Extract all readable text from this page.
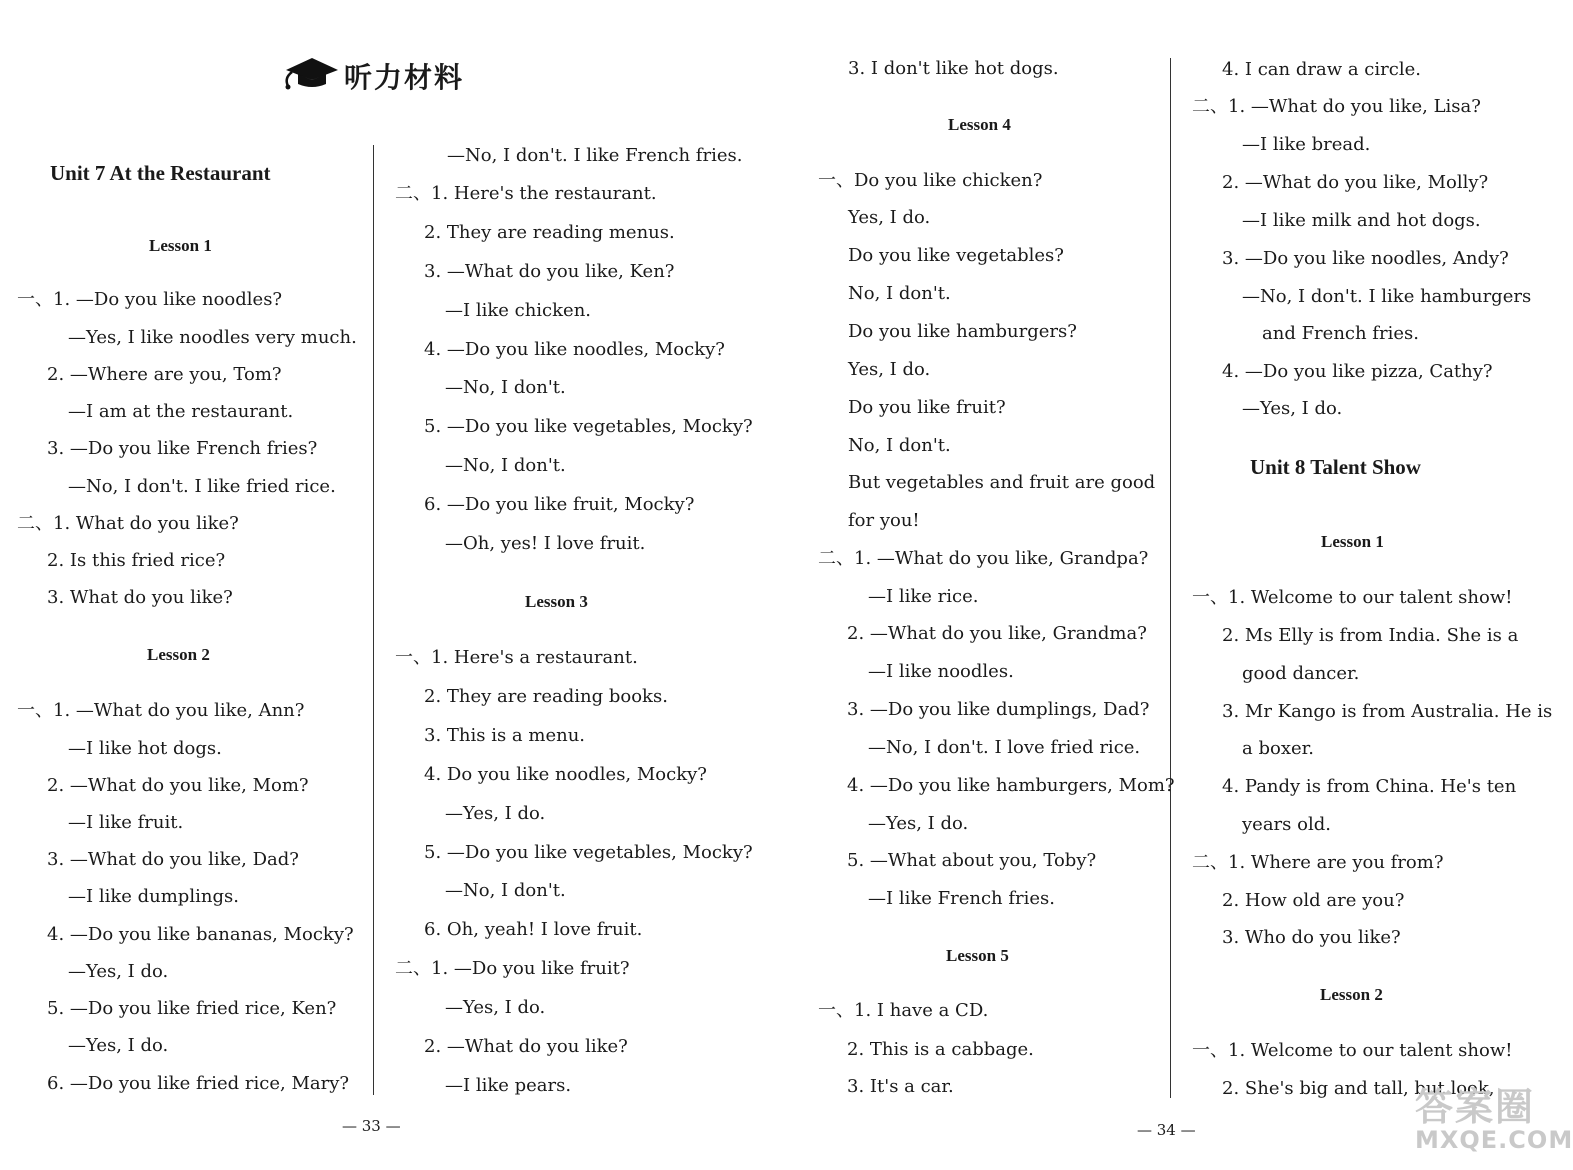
听力材料
Unit 7 At the Restaurant
Lesson 1
一、1. —Do you like noodles?
—Yes, I like noodles very much.
2. —Where are you, Tom?
—I am at the restaurant.
3. —Do you like French fries?
—No, I don't. I like fried rice.
二、1. What do you like?
2. Is this fried rice?
3. What do you like?
Lesson 2
一、1. —What do you like, Ann?
—I like hot dogs.
2. —What do you like, Mom?
—I like fruit.
3. —What do you like, Dad?
—I like dumplings.
4. —Do you like bananas, Mocky?
—Yes, I do.
5. —Do you like fried rice, Ken?
—Yes, I do.
6. —Do you like fried rice, Mary?
—No, I don't. I like French fries.
二、1. Here's the restaurant.
2. They are reading menus.
3. —What do you like, Ken?
—I like chicken.
4. —Do you like noodles, Mocky?
—No, I don't.
5. —Do you like vegetables, Mocky?
—No, I don't.
6. —Do you like fruit, Mocky?
—Oh, yes! I love fruit.
Lesson 3
一、1. Here's a restaurant.
2. They are reading books.
3. This is a menu.
4. Do you like noodles, Mocky?
—Yes, I do.
5. —Do you like vegetables, Mocky?
—No, I don't.
6. Oh, yeah! I love fruit.
二、1. —Do you like fruit?
—Yes, I do.
2. —What do you like?
—I like pears.
3. I don't like hot dogs.
Lesson 4
一、Do you like chicken?
Yes, I do.
Do you like vegetables?
No, I don't.
Do you like hamburgers?
Yes, I do.
Do you like fruit?
No, I don't.
But vegetables and fruit are good
for you!
二、1. —What do you like, Grandpa?
—I like rice.
2. —What do you like, Grandma?
—I like noodles.
3. —Do you like dumplings, Dad?
—No, I don't. I love fried rice.
4. —Do you like hamburgers, Mom?
—Yes, I do.
5. —What about you, Toby?
—I like French fries.
Lesson 5
一、1. I have a CD.
2. This is a cabbage.
3. It's a car.
4. I can draw a circle.
二、1. —What do you like, Lisa?
—I like bread.
2. —What do you like, Molly?
—I like milk and hot dogs.
3. —Do you like noodles, Andy?
—No, I don't. I like hamburgers
and French fries.
4. —Do you like pizza, Cathy?
—Yes, I do.
Unit 8 Talent Show
Lesson 1
一、1. Welcome to our talent show!
2. Ms Elly is from India. She is a
good dancer.
3. Mr Kango is from Australia. He is
a boxer.
4. Pandy is from China. He's ten
years old.
二、1. Where are you from?
2. How old are you?
3. Who do you like?
Lesson 2
一、1. Welcome to our talent show!
2. She's big and tall, but look,
— 33 —	— 34 —
答案圈
MXQE.COM
